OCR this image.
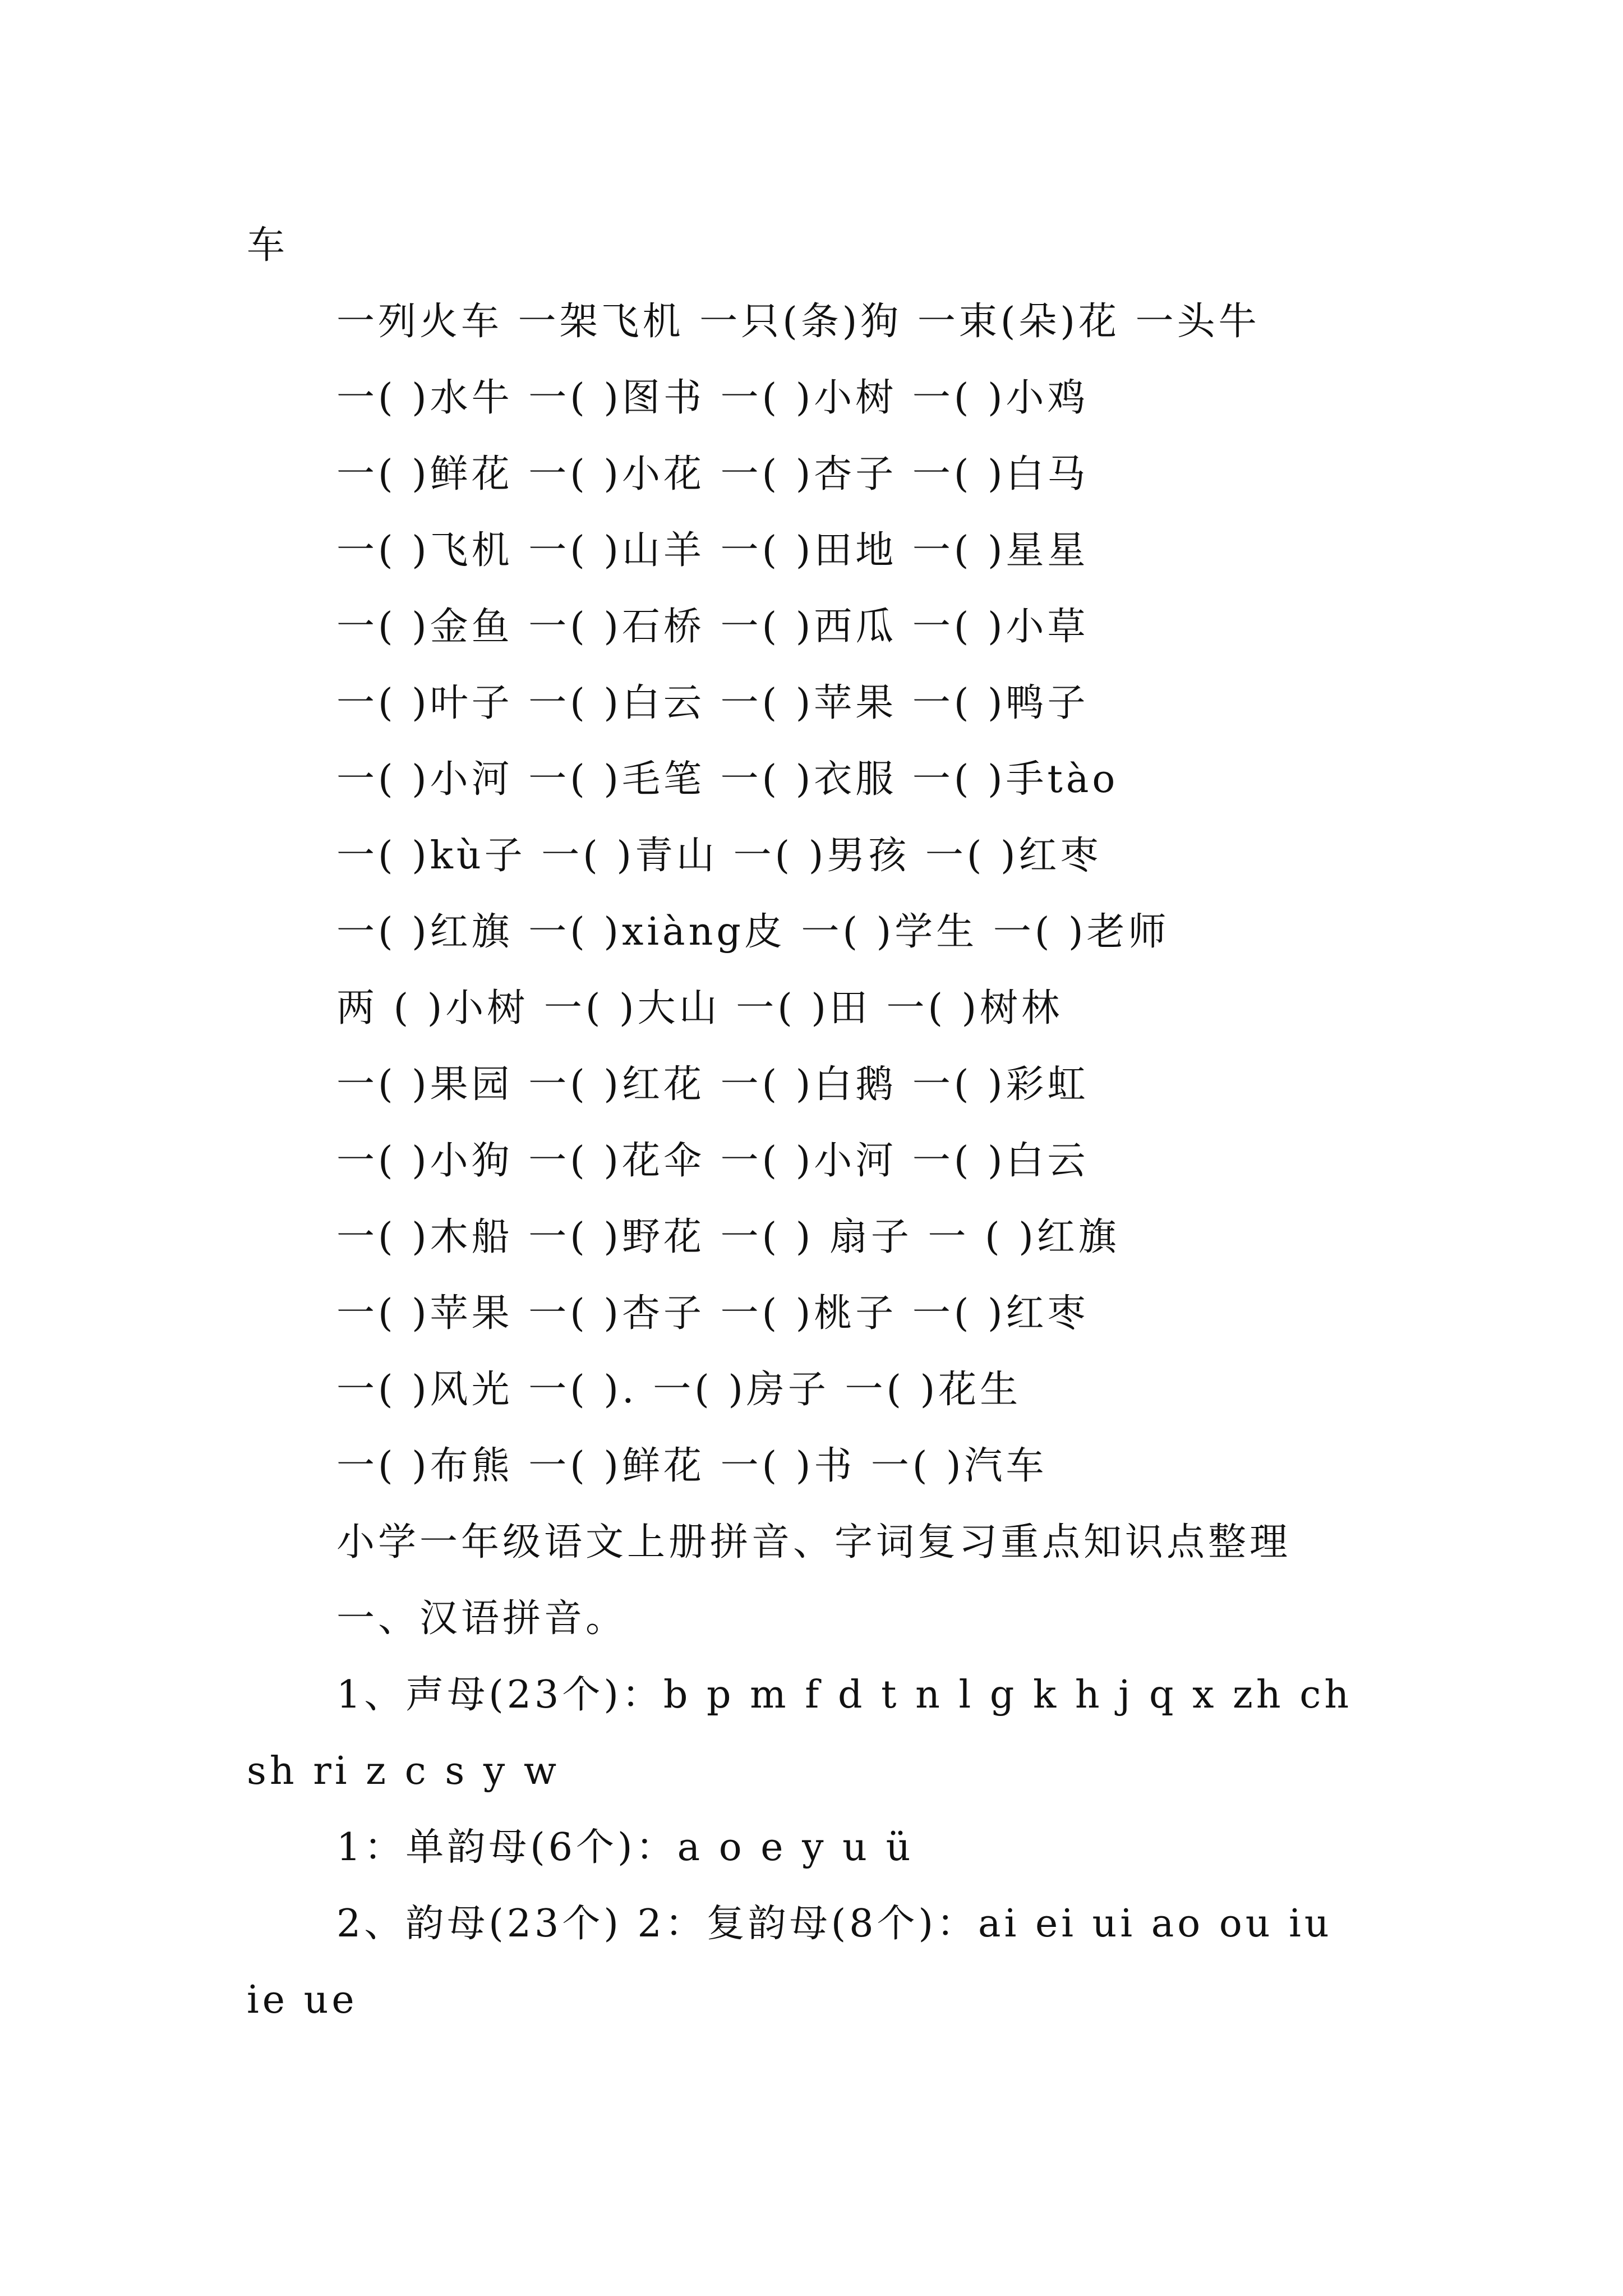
车
一列火车 一架飞机 一只(条)狗 一束(朵)花 一头牛
一( )水牛 一( )图书 一( )小树 一( )小鸡
一( )鲜花 一( )小花 一( )杏子 一( )白马
一( )飞机 一( )山羊 一( )田地 一( )星星
一( )金鱼 一( )石桥 一( )西瓜 一( )小草
一( )叶子 一( )白云 一( )苹果 一( )鸭子
一( )小河 一( )毛笔 一( )衣服 一( )手tào
一( )kù子 一( )青山 一( )男孩 一( )红枣
一( )红旗 一( )xiàng皮 一( )学生 一( )老师
两 ( )小树 一( )大山 一( )田 一( )树林
一( )果园 一( )红花 一( )白鹅 一( )彩虹
一( )小狗 一( )花伞 一( )小河 一( )白云
一( )木船 一( )野花 一( ) 扇子 一 ( )红旗
一( )苹果 一( )杏子 一( )桃子 一( )红枣
一( )风光 一( ). 一( )房子 一( )花生
一( )布熊 一( )鲜花 一( )书 一( )汽车
小学一年级语文上册拼音、字词复习重点知识点整理
一、汉语拼音。
1、声母(23个)：b p m f d t n l g k h j q x zh ch
sh ri z c s y w
1：单韵母(6个)：a o e y u ü
2、韵母(23个) 2：复韵母(8个)：ai ei ui ao ou iu
ie ue
